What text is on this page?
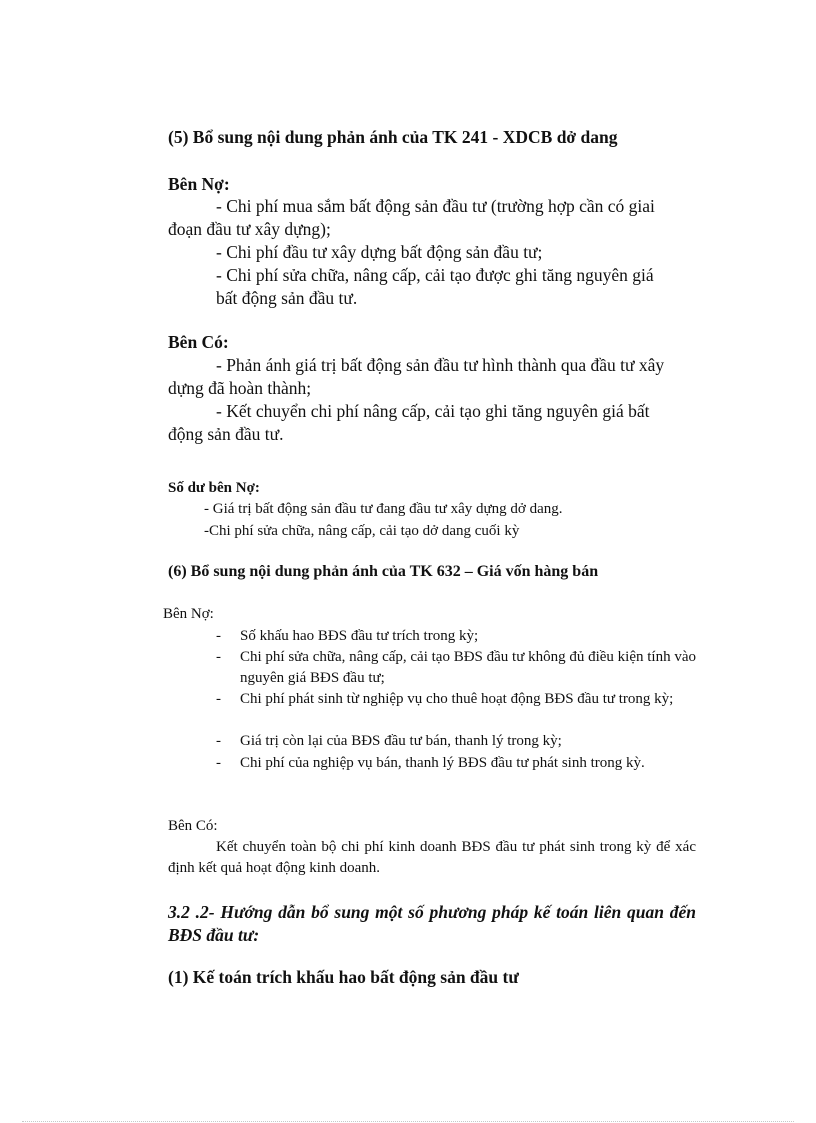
(5) Bổ sung nội dung phản ánh của TK 241 - XDCB dở dang
Bên Nợ:
- Chi phí mua sắm bất động sản đầu tư (trường hợp cần có giai
đoạn đầu tư xây dựng);
- Chi phí đầu tư xây dựng bất động sản đầu tư;
- Chi phí sửa chữa, nâng cấp, cải tạo được ghi tăng nguyên giá
bất động sản đầu tư.
Bên Có:
- Phản ánh giá trị bất động sản đầu tư hình thành qua đầu tư xây
dựng đã hoàn thành;
- Kết chuyển chi phí nâng cấp, cải tạo ghi tăng nguyên giá bất
động sản đầu tư.
Số dư bên Nợ:
- Giá trị bất động sản đầu tư đang đầu tư xây dựng dở dang.
-Chi phí sửa chữa, nâng cấp, cải tạo dở dang cuối kỳ
(6) Bổ sung nội dung phản ánh của TK 632 – Giá vốn hàng bán
Bên Nợ:
- Số khấu hao BĐS đầu tư trích trong kỳ;
- Chi phí sửa chữa, nâng cấp, cải tạo BĐS đầu tư không đủ điều kiện tính vào nguyên giá BĐS đầu tư;
- Chi phí phát sinh từ nghiệp vụ cho thuê hoạt động BĐS đầu tư trong kỳ;
- Giá trị còn lại của BĐS đầu tư bán, thanh lý trong kỳ;
- Chi phí của nghiệp vụ bán, thanh lý BĐS đầu tư phát sinh trong kỳ.
Bên Có:
Kết chuyển toàn bộ chi phí kinh doanh BĐS đầu tư phát sinh trong kỳ để xác định kết quả hoạt động kinh doanh.
3.2 .2- Hướng dẫn bổ sung một số phương pháp kế toán liên quan đến BĐS đầu tư:
(1) Kế toán trích khấu hao bất động sản đầu tư
